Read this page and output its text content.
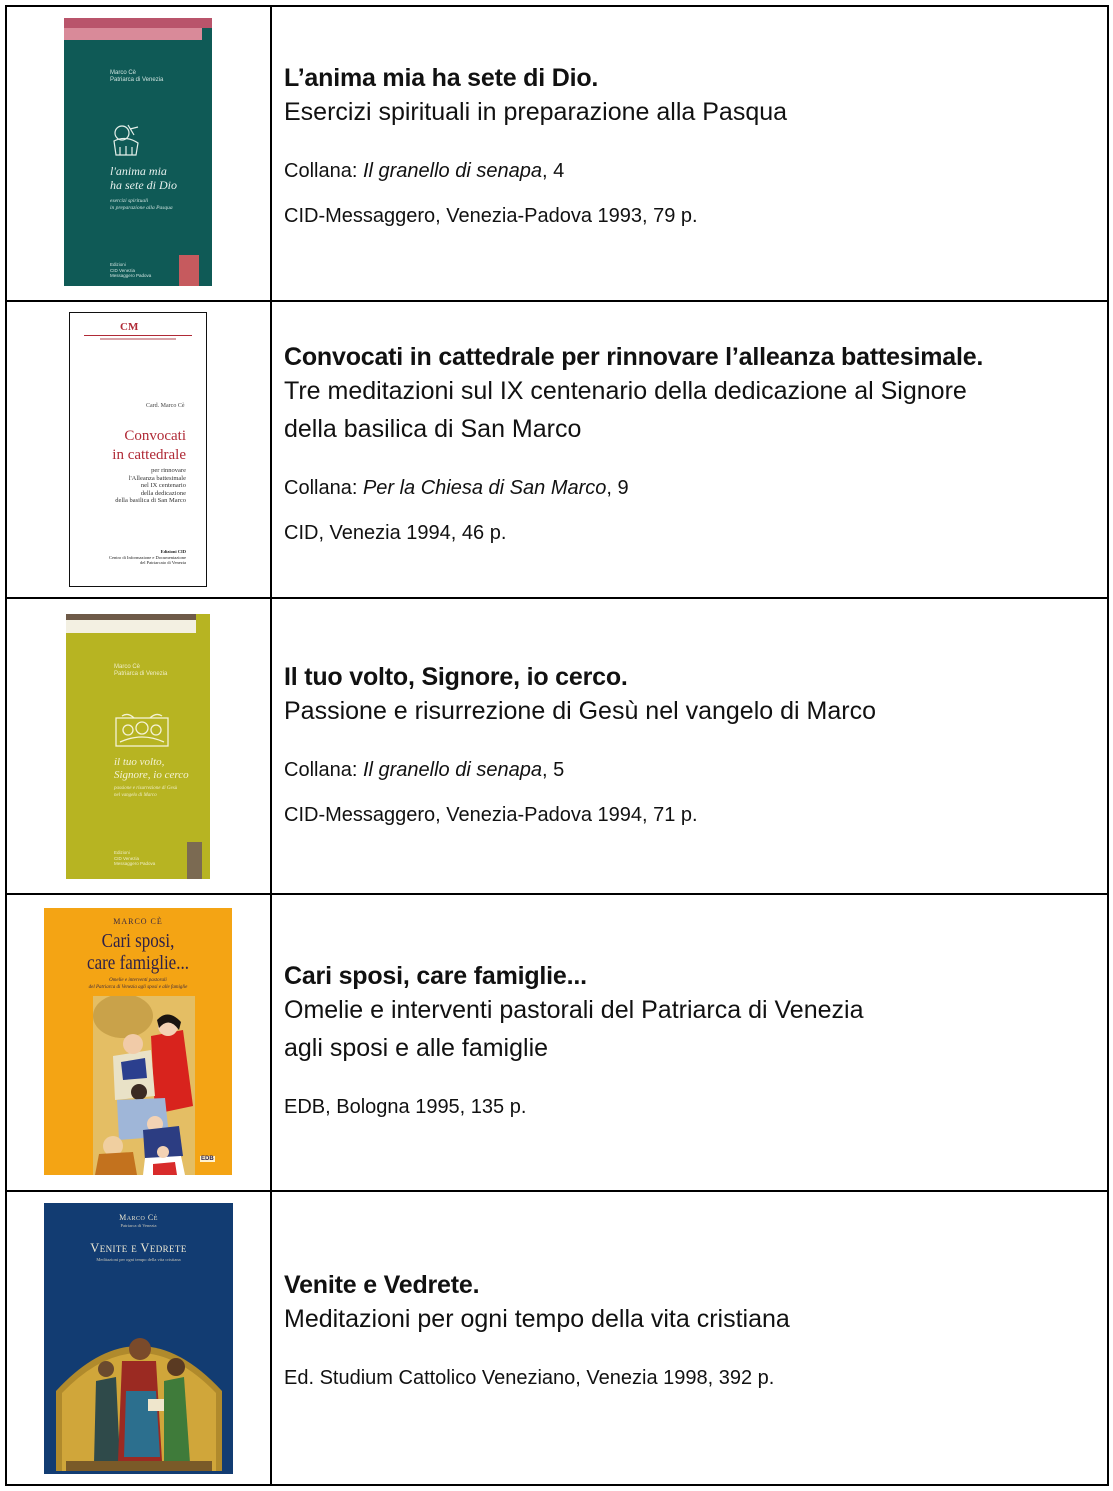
Marco Cè
Patriarca di Venezia
l'anima mia
ha sete di Dio
esercizi spirituali
in preparazione alla Pasqua
Edizioni
CID Venezia
Messaggero Padova

L’anima mia ha sete di Dio.

Esercizi spirituali in preparazione alla Pasqua

Collana: Il granello di senapa, 4

CID-Messaggero, Venezia-Padova 1993, 79 p.

CM
Card. Marco Cè
Convocati
in cattedrale
per rinnovare
l'Alleanza battesimale
nel IX centenario
della dedicazione
della basilica di San Marco
Edizioni CID
Centro di Informazione e Documentazione
del Patriarcato di Venezia

Convocati in cattedrale per rinnovare l’alleanza battesimale.

Tre meditazioni sul IX centenario della dedicazione al Signore

della basilica di San Marco

Collana: Per la Chiesa di San Marco, 9

CID, Venezia 1994, 46 p.

Marco Cè
Patriarca di Venezia
il tuo volto,
Signore, io cerco
passione e risurrezione di Gesù
nel vangelo di Marco
Edizioni
CID Venezia
Messaggero Padova

Il tuo volto, Signore, io cerco.

Passione e risurrezione di Gesù nel vangelo di Marco

Collana: Il granello di senapa, 5

CID-Messaggero, Venezia-Padova 1994, 71 p.

MARCO CÈ
Cari sposi,
care famiglie...
Omelie e interventi pastorali
del Patriarca di Venezia agli sposi e alle famiglie
EDB

Cari sposi, care famiglie...

Omelie e interventi pastorali del Patriarca di Venezia

agli sposi e alle famiglie

EDB, Bologna 1995, 135 p.

Marco Cè
Patriarca di Venezia
Venite e Vedrete
Meditazioni per ogni tempo della vita cristiana

Venite e Vedrete.

Meditazioni per ogni tempo della vita cristiana

Ed. Studium Cattolico Veneziano, Venezia 1998, 392 p.
